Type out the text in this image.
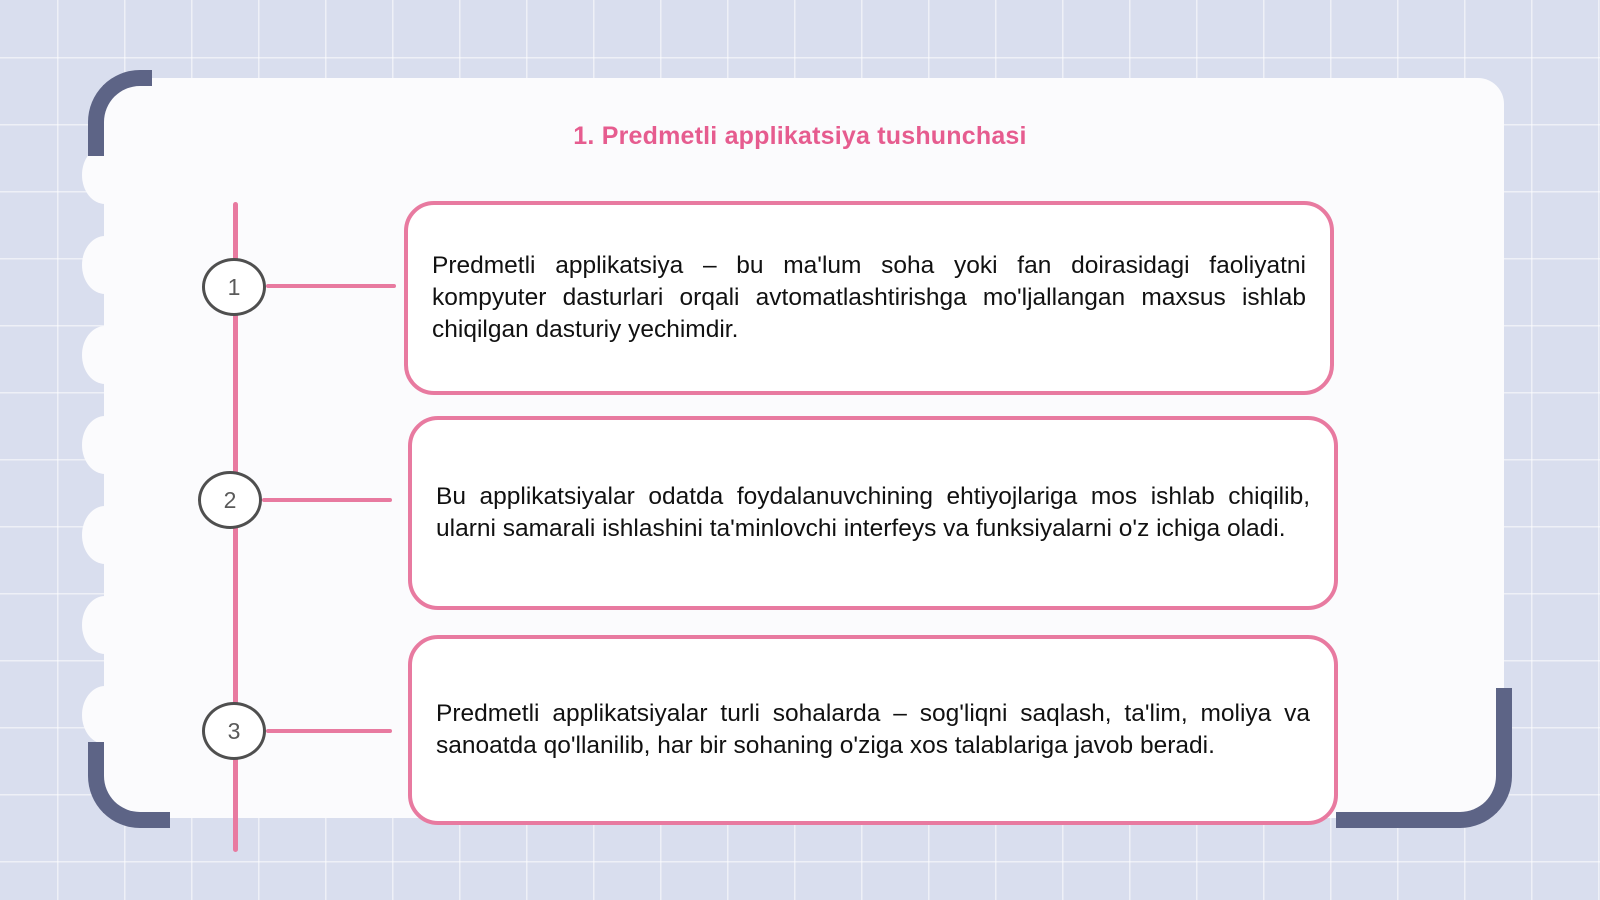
1. Predmetli applikatsiya tushunchasi
1

Predmetli applikatsiya – bu ma'lum soha yoki fan doirasidagi faoliyatni kompyuter dasturlari orqali avtomatlashtirishga mo'ljallangan maxsus ishlab chiqilgan dasturiy yechimdir.

2	Bu applikatsiyalar odatda foydalanuvchining ehtiyojlariga mos ishlab chiqilib, ularni samarali ishlashini ta'minlovchi interfeys va funksiyalarni o'z ichiga oladi.

3

Predmetli applikatsiyalar turli sohalarda – sog'liqni saqlash, ta'lim, moliya va sanoatda qo'llanilib, har bir sohaning o'ziga xos talablariga javob beradi.
